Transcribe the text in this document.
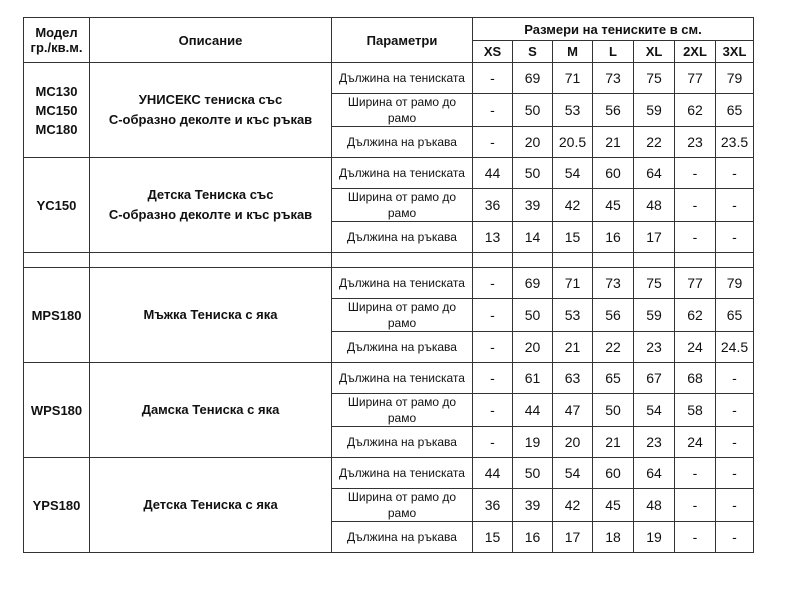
Модел
гр./кв.м.	Описание	Параметри	Размери на тениските в см.						
			XS	S	M	L	XL	2XL	3XL
MC130
MC150
MC180	УНИСЕКС тениска със
С-образно деколте и къс ръкав	Дължина на тениската	-	69	71	73	75	77	79
		Ширина от рамо до
рамо	-	50	53	56	59	62	65
		Дължина на ръкава	-	20	20.5	21	22	23	23.5
YC150	Детска Тениска със
С-образно деколте и къс ръкав	Дължина на тениската	44	50	54	60	64	-	-
		Ширина от рамо до
рамо	36	39	42	45	48	-	-
		Дължина на ръкава	13	14	15	16	17	-	-

MPS180	Мъжка Тениска с яка	Дължина на тениската	-	69	71	73	75	77	79
		Ширина от рамо до
рамо	-	50	53	56	59	62	65
		Дължина на ръкава	-	20	21	22	23	24	24.5
WPS180	Дамска Тениска с яка	Дължина на тениската	-	61	63	65	67	68	-
		Ширина от рамо до
рамо	-	44	47	50	54	58	-
		Дължина на ръкава	-	19	20	21	23	24	-
YPS180	Детска Тениска с яка	Дължина на тениската	44	50	54	60	64	-	-
		Ширина от рамо до
рамо	36	39	42	45	48	-	-
		Дължина на ръкава	15	16	17	18	19	-	-
